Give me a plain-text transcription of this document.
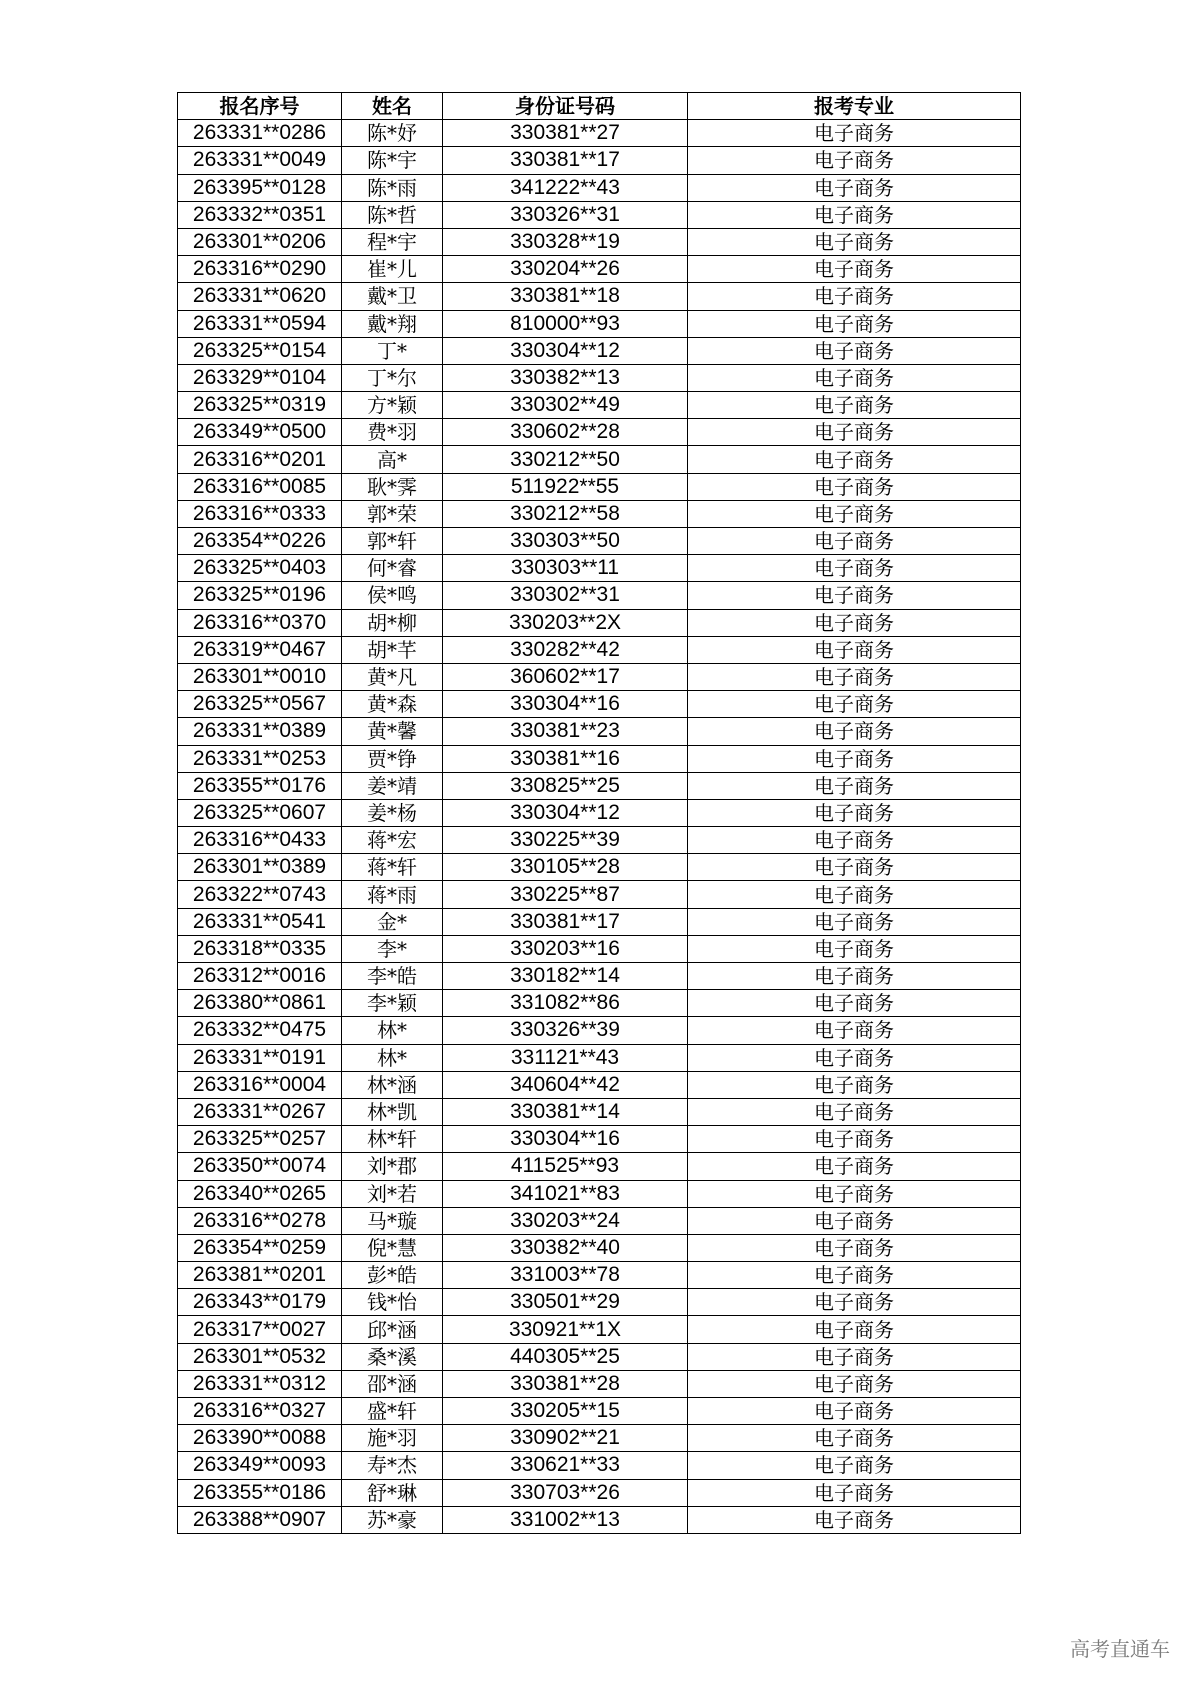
报名序号	姓名	身份证号码	报考专业
263331**0286	陈*妤	330381**27	电子商务
263331**0049	陈*宇	330381**17	电子商务
263395**0128	陈*雨	341222**43	电子商务
263332**0351	陈*哲	330326**31	电子商务
263301**0206	程*宇	330328**19	电子商务
263316**0290	崔*儿	330204**26	电子商务
263331**0620	戴*卫	330381**18	电子商务
263331**0594	戴*翔	810000**93	电子商务
263325**0154	丁*	330304**12	电子商务
263329**0104	丁*尔	330382**13	电子商务
263325**0319	方*颖	330302**49	电子商务
263349**0500	费*羽	330602**28	电子商务
263316**0201	高*	330212**50	电子商务
263316**0085	耿*霁	511922**55	电子商务
263316**0333	郭*荣	330212**58	电子商务
263354**0226	郭*轩	330303**50	电子商务
263325**0403	何*睿	330303**11	电子商务
263325**0196	侯*鸣	330302**31	电子商务
263316**0370	胡*柳	330203**2X	电子商务
263319**0467	胡*芊	330282**42	电子商务
263301**0010	黄*凡	360602**17	电子商务
263325**0567	黄*森	330304**16	电子商务
263331**0389	黄*馨	330381**23	电子商务
263331**0253	贾*铮	330381**16	电子商务
263355**0176	姜*靖	330825**25	电子商务
263325**0607	姜*杨	330304**12	电子商务
263316**0433	蒋*宏	330225**39	电子商务
263301**0389	蒋*轩	330105**28	电子商务
263322**0743	蒋*雨	330225**87	电子商务
263331**0541	金*	330381**17	电子商务
263318**0335	李*	330203**16	电子商务
263312**0016	李*皓	330182**14	电子商务
263380**0861	李*颖	331082**86	电子商务
263332**0475	林*	330326**39	电子商务
263331**0191	林*	331121**43	电子商务
263316**0004	林*涵	340604**42	电子商务
263331**0267	林*凯	330381**14	电子商务
263325**0257	林*轩	330304**16	电子商务
263350**0074	刘*郡	411525**93	电子商务
263340**0265	刘*若	341021**83	电子商务
263316**0278	马*璇	330203**24	电子商务
263354**0259	倪*慧	330382**40	电子商务
263381**0201	彭*皓	331003**78	电子商务
263343**0179	钱*怡	330501**29	电子商务
263317**0027	邱*涵	330921**1X	电子商务
263301**0532	桑*溪	440305**25	电子商务
263331**0312	邵*涵	330381**28	电子商务
263316**0327	盛*轩	330205**15	电子商务
263390**0088	施*羽	330902**21	电子商务
263349**0093	寿*杰	330621**33	电子商务
263355**0186	舒*琳	330703**26	电子商务
263388**0907	苏*豪	331002**13	电子商务
高考直通车
